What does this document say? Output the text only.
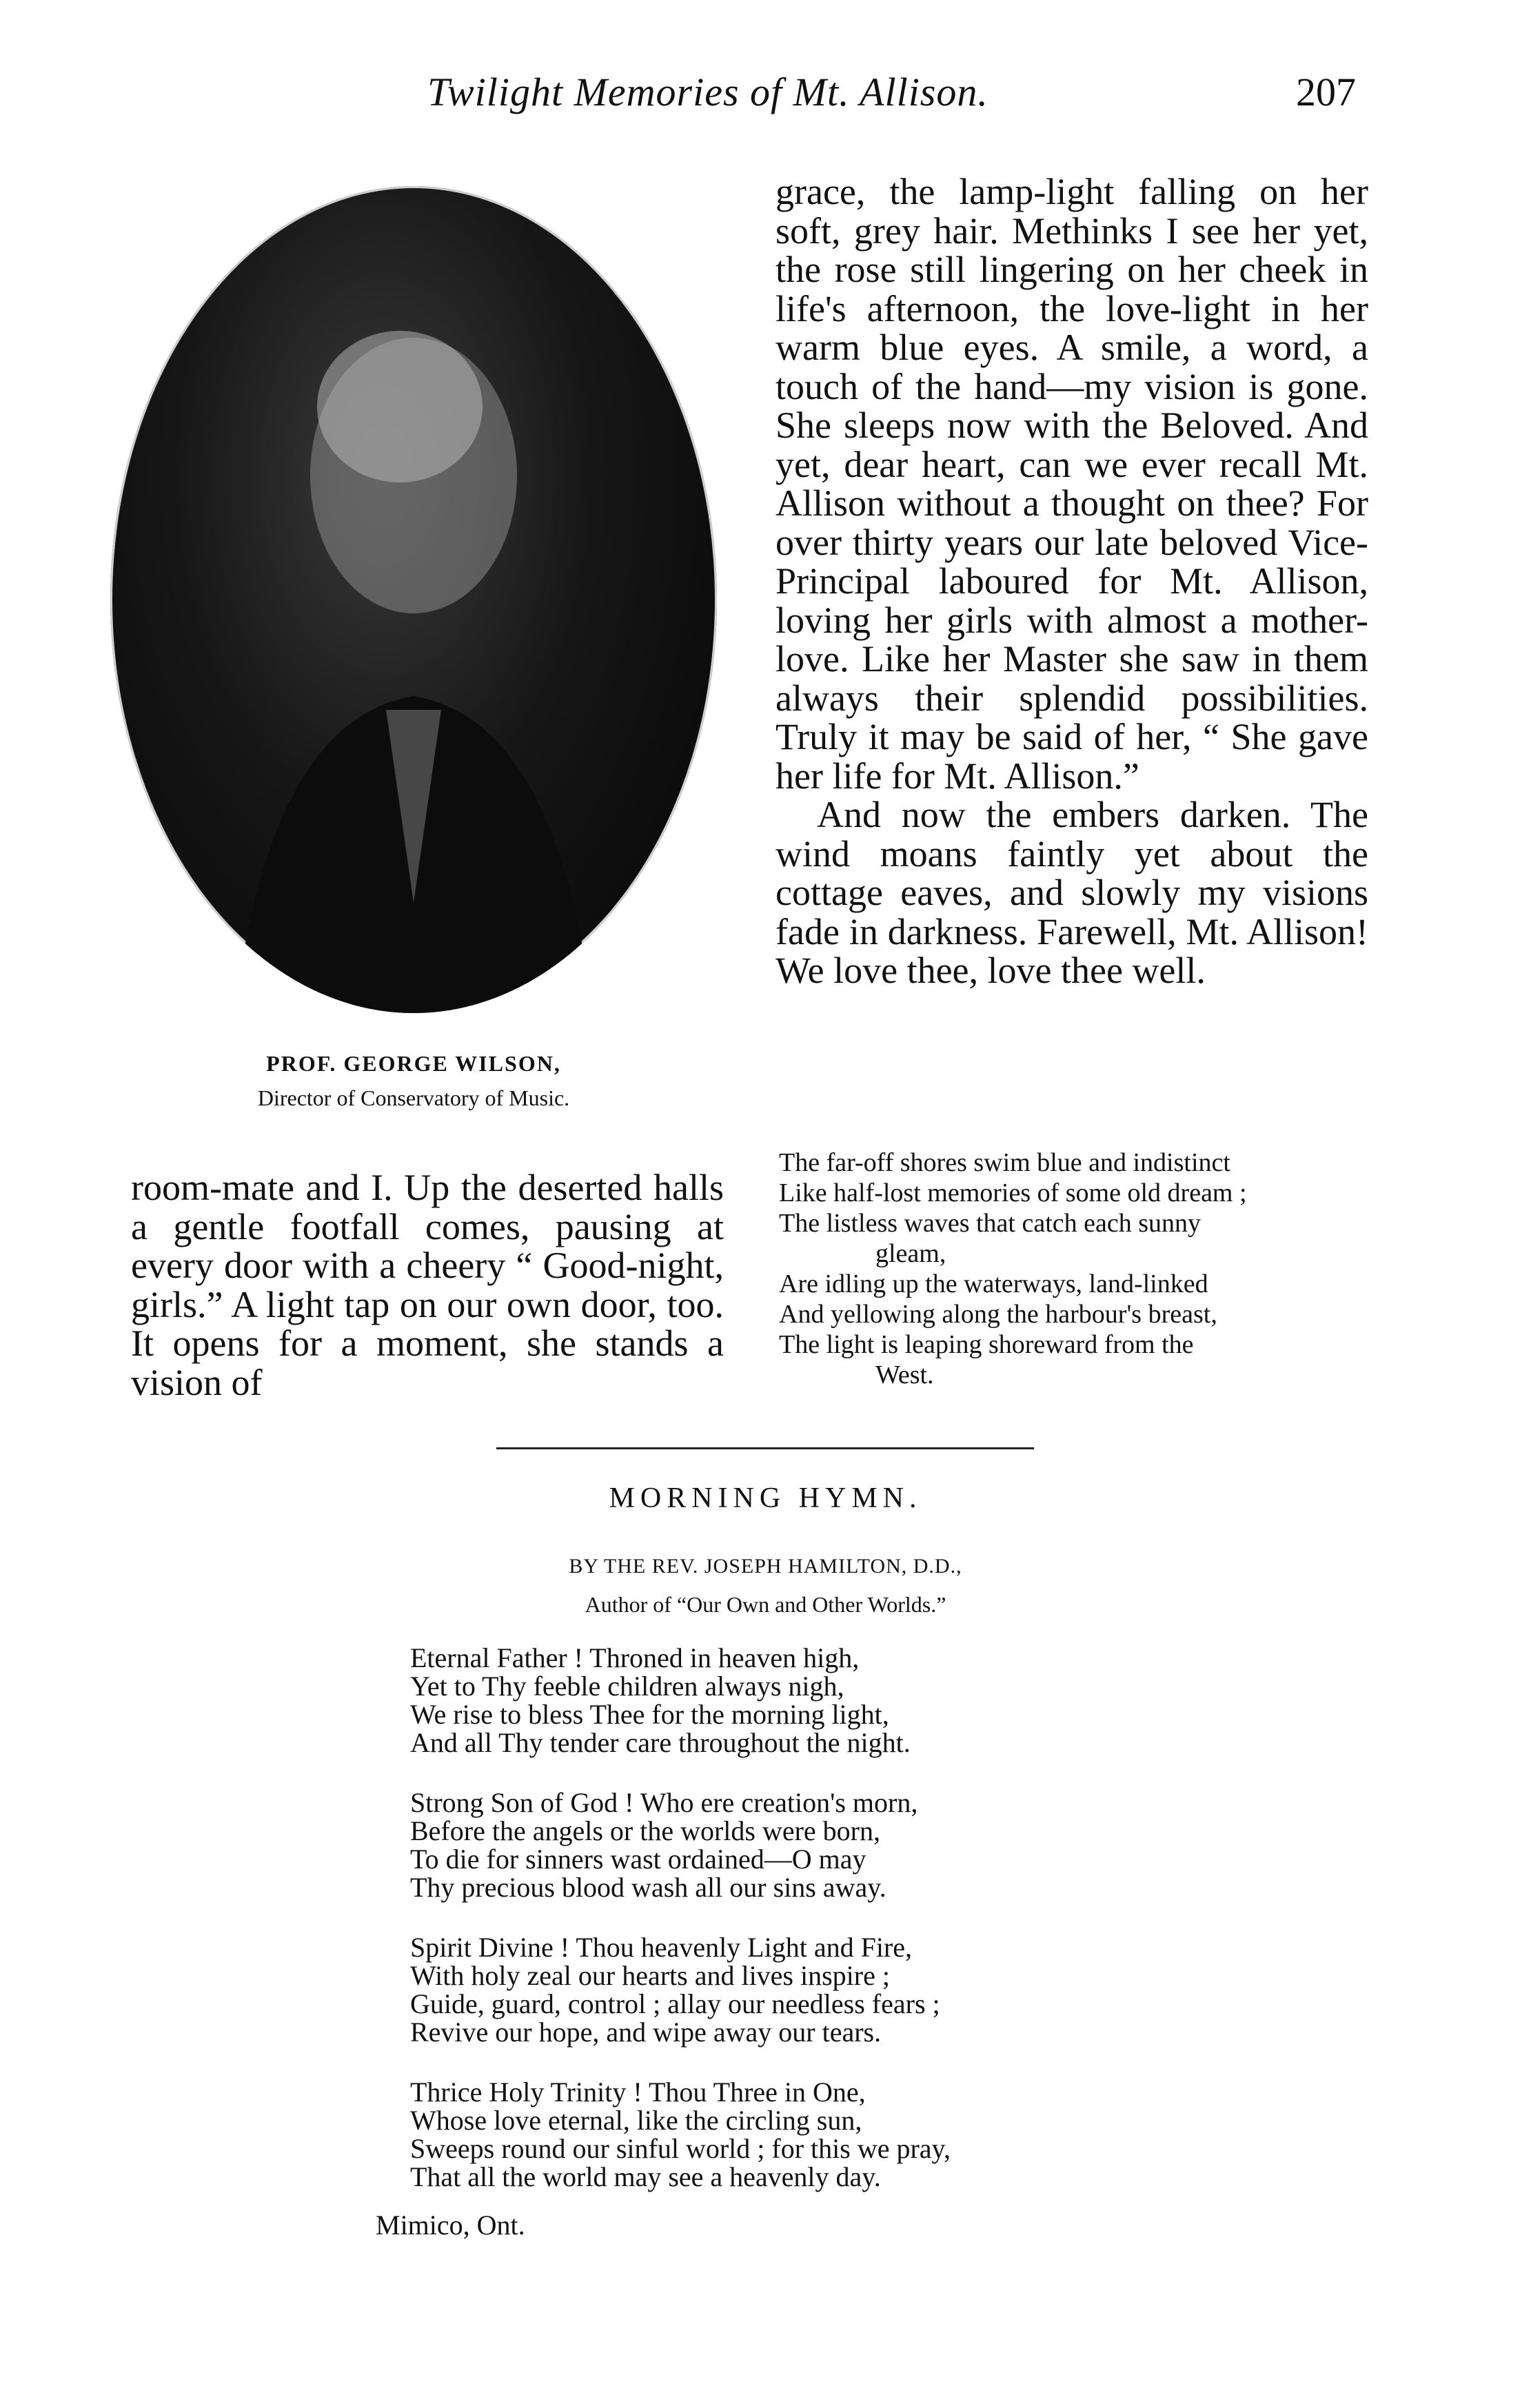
Twilight Memories of Mt. Allison.	207
PROF. GEORGE WILSON,
Director of Conservatory of Music.

grace, the lamp-light falling on her soft, grey hair. Methinks I see her yet, the rose still lingering on her cheek in life's afternoon, the love-light in her warm blue eyes. A smile, a word, a touch of the hand—my vision is gone. She sleeps now with the Beloved. And yet, dear heart, can we ever recall Mt. Allison without a thought on thee? For over thirty years our late beloved Vice-Principal laboured for Mt. Allison, loving her girls with almost a mother-love. Like her Master she saw in them always their splendid possibilities. Truly it may be said of her, “ She gave her life for Mt. Allison.”

And now the embers darken. The wind moans faintly yet about the cottage eaves, and slowly my visions fade in darkness. Farewell, Mt. Allison! We love thee, love thee well.

room-mate and I. Up the deserted halls a gentle footfall comes, pausing at every door with a cheery “ Good-night, girls.” A light tap on our own door, too. It opens for a moment, she stands a vision of

The far-off shores swim blue and indistinct
Like half-lost memories of some old dream ;
The listless waves that catch each sunny
gleam,
Are idling up the waterways, land-linked
And yellowing along the harbour's breast,
The light is leaping shoreward from the
West.
MORNING HYMN.
BY THE REV. JOSEPH HAMILTON, D.D.,
Author of “Our Own and Other Worlds.”
Eternal Father ! Throned in heaven high,
Yet to Thy feeble children always nigh,
We rise to bless Thee for the morning light,
And all Thy tender care throughout the night.
Strong Son of God ! Who ere creation's morn,
Before the angels or the worlds were born,
To die for sinners wast ordained—O may
Thy precious blood wash all our sins away.
Spirit Divine ! Thou heavenly Light and Fire,
With holy zeal our hearts and lives inspire ;
Guide, guard, control ; allay our needless fears ;
Revive our hope, and wipe away our tears.
Thrice Holy Trinity ! Thou Three in One,
Whose love eternal, like the circling sun,
Sweeps round our sinful world ; for this we pray,
That all the world may see a heavenly day.
Mimico, Ont.
